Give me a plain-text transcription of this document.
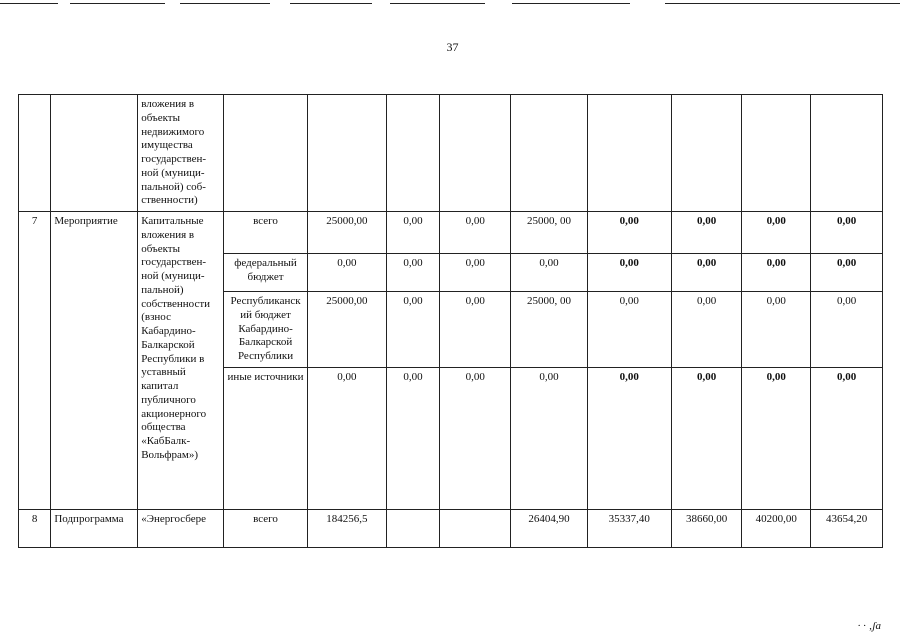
37
		вложения в объекты недвижимого имущества государствен-ной (муници-пальной) соб-ственности)									
7	Мероприятие	Капитальные вложения в объекты государствен-ной (муници-пальной) собственности (взнос Кабардино-Балкарской Республики в уставный капитал публичного акционерного общества «КабБалк-Вольфрам»)	всего	25000,00	0,00	0,00	25000, 00	0,00	0,00	0,00	0,00
			федеральный бюджет	0,00	0,00	0,00	0,00	0,00	0,00	0,00	0,00
			Республиканск ий бюджет Кабардино-Балкарской Республики	25000,00	0,00	0,00	25000, 00	0,00	0,00	0,00	0,00
			иные источники	0,00	0,00	0,00	0,00	0,00	0,00	0,00	0,00
8	Подпрограмма	«Энергосбере	всего	184256,5			26404,90	35337,40	38660,00	40200,00	43654,20
· · ‚ʃa
